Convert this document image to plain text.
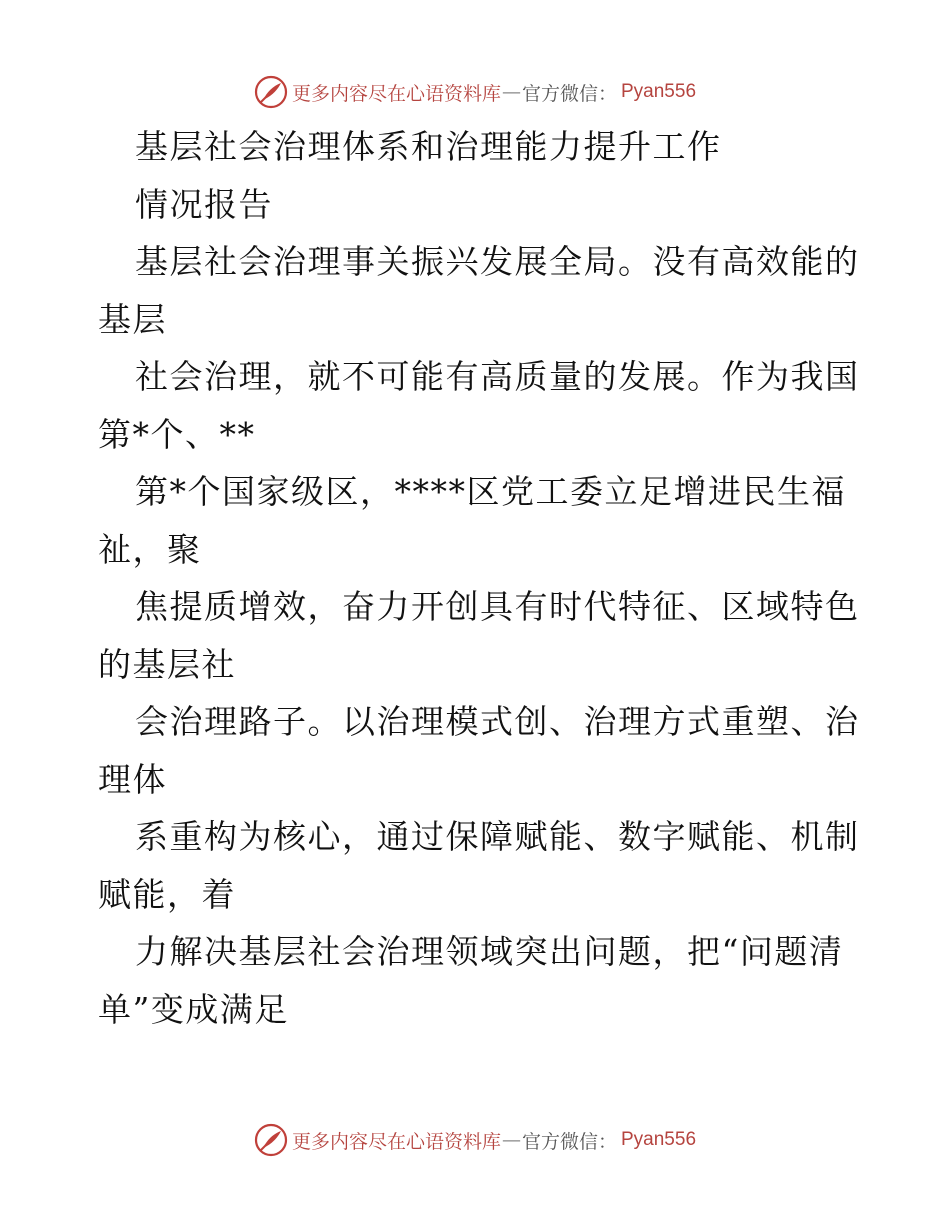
更多内容尽在心语资料库 — 官方微信： Pyan556
基层社会治理体系和治理能力提升工作
情况报告
基层社会治理事关振兴发展全局。没有高效能的
基层
社会治理，就不可能有高质量的发展。作为我国
第*个、**
第*个国家级区，****区党工委立足增进民生福
祉，聚
焦提质增效，奋力开创具有时代特征、区域特色
的基层社
会治理路子。以治理模式创、治理方式重塑、治
理体
系重构为核心，通过保障赋能、数字赋能、机制
赋能，着
力解决基层社会治理领域突出问题，把“问题清
单”变成满足
更多内容尽在心语资料库 — 官方微信： Pyan556
